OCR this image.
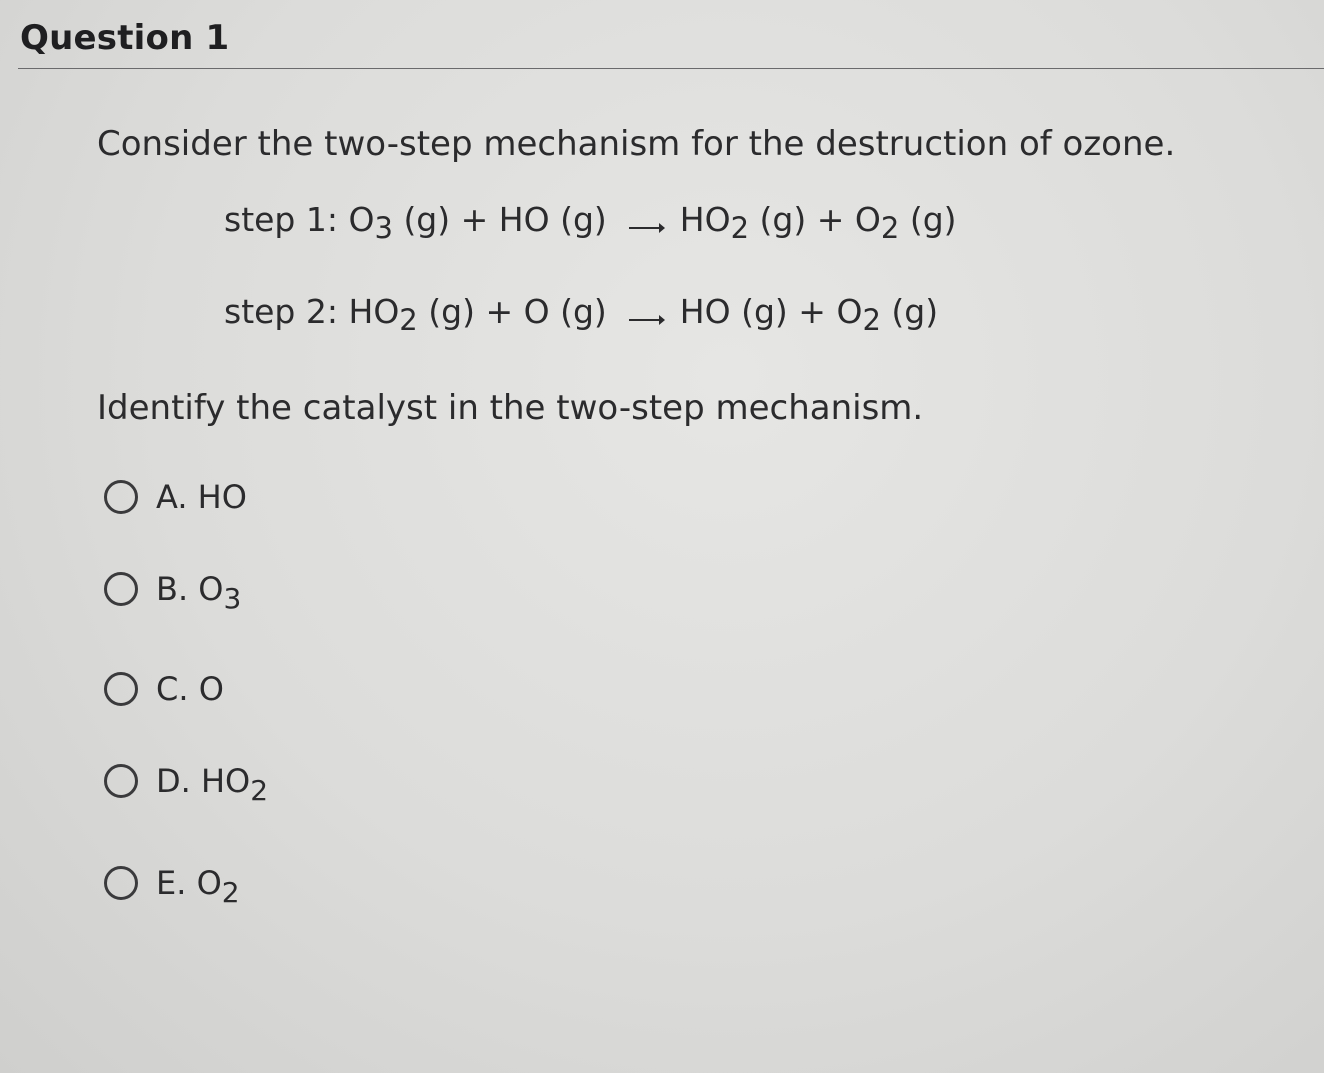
Question 1

Consider the two-step mechanism for the destruction of ozone.

step 1: O3 (g) + HO (g) → HO2 (g) + O2 (g)
step 2: HO2 (g) + O (g) → HO (g) + O2 (g)

Identify the catalyst in the two-step mechanism.

A. HO
B. O3
C. O
D. HO2
E. O2
